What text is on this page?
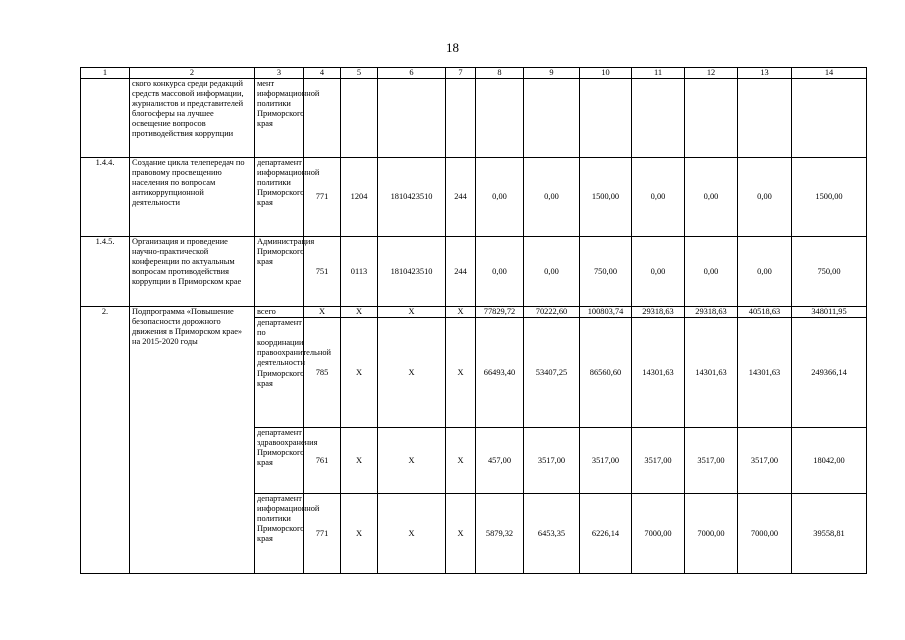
18
1	2	3	4	5	6	7	8	9	10	11	12	13	14
	ского конкурса среди редакций средств массовой информации, журналистов и представителей блогосферы на лучшее освещение вопросов противодействия коррупции	мент информационной политики Приморского края											
1.4.4.	Создание цикла телепередач по правовому просвещению населения по вопросам антикоррупционной деятельности	департамент информационной политики Приморского края	771	1204	1810423510	244	0,00	0,00	1500,00	0,00	0,00	0,00	1500,00
1.4.5.	Организация и проведение научно-практической конференции по актуальным вопросам противодействия коррупции в Приморском крае	Администрация Приморского края	751	0113	1810423510	244	0,00	0,00	750,00	0,00	0,00	0,00	750,00
2.	Подпрограмма «Повышение безопасности дорожного движения в Приморском крае» на 2015-2020 годы	всего	X	X	X	X	77829,72	70222,60	100803,74	29318,63	29318,63	40518,63	348011,95
		департамент по координации правоохранительной деятельности Приморского края	785	X	X	X	66493,40	53407,25	86560,60	14301,63	14301,63	14301,63	249366,14
		департамент здравоохранения Приморского края	761	X	X	X	457,00	3517,00	3517,00	3517,00	3517,00	3517,00	18042,00
		департамент информационной политики Приморского края	771	X	X	X	5879,32	6453,35	6226,14	7000,00	7000,00	7000,00	39558,81
